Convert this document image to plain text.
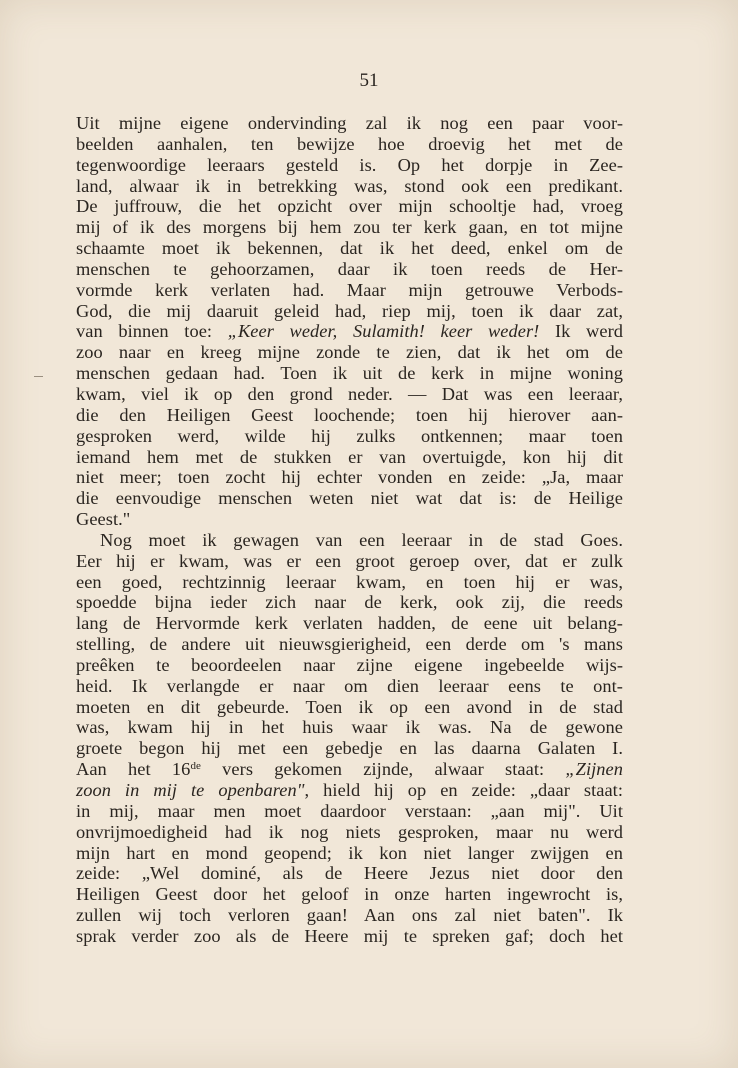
51
Uit mijne eigene ondervinding zal ik nog een paar voor-
beelden aanhalen, ten bewijze hoe droevig het met de
tegenwoordige leeraars gesteld is. Op het dorpje in Zee-
land, alwaar ik in betrekking was, stond ook een predikant.
De juffrouw, die het opzicht over mijn schooltje had, vroeg
mij of ik des morgens bij hem zou ter kerk gaan, en tot mijne
schaamte moet ik bekennen, dat ik het deed, enkel om de
menschen te gehoorzamen, daar ik toen reeds de Her-
vormde kerk verlaten had. Maar mijn getrouwe Verbods-
God, die mij daaruit geleid had, riep mij, toen ik daar zat,
van binnen toe: „Keer weder, Sulamith! keer weder! Ik werd
zoo naar en kreeg mijne zonde te zien, dat ik het om de
menschen gedaan had. Toen ik uit de kerk in mijne woning
kwam, viel ik op den grond neder. — Dat was een leeraar,
die den Heiligen Geest loochende; toen hij hierover aan-
gesproken werd, wilde hij zulks ontkennen; maar toen
iemand hem met de stukken er van overtuigde, kon hij dit
niet meer; toen zocht hij echter vonden en zeide: „Ja, maar
die eenvoudige menschen weten niet wat dat is: de Heilige
Geest."
Nog moet ik gewagen van een leeraar in de stad Goes.
Eer hij er kwam, was er een groot geroep over, dat er zulk
een goed, rechtzinnig leeraar kwam, en toen hij er was,
spoedde bijna ieder zich naar de kerk, ook zij, die reeds
lang de Hervormde kerk verlaten hadden, de eene uit belang-
stelling, de andere uit nieuwsgierigheid, een derde om 's mans
preêken te beoordeelen naar zijne eigene ingebeelde wijs-
heid. Ik verlangde er naar om dien leeraar eens te ont-
moeten en dit gebeurde. Toen ik op een avond in de stad
was, kwam hij in het huis waar ik was. Na de gewone
groete begon hij met een gebedje en las daarna Galaten I.
Aan het 16de vers gekomen zijnde, alwaar staat: „Zijnen
zoon in mij te openbaren", hield hij op en zeide: „daar staat:
in mij, maar men moet daardoor verstaan: „aan mij". Uit
onvrijmoedigheid had ik nog niets gesproken, maar nu werd
mijn hart en mond geopend; ik kon niet langer zwijgen en
zeide: „Wel dominé, als de Heere Jezus niet door den
Heiligen Geest door het geloof in onze harten ingewrocht is,
zullen wij toch verloren gaan! Aan ons zal niet baten". Ik
sprak verder zoo als de Heere mij te spreken gaf; doch het
